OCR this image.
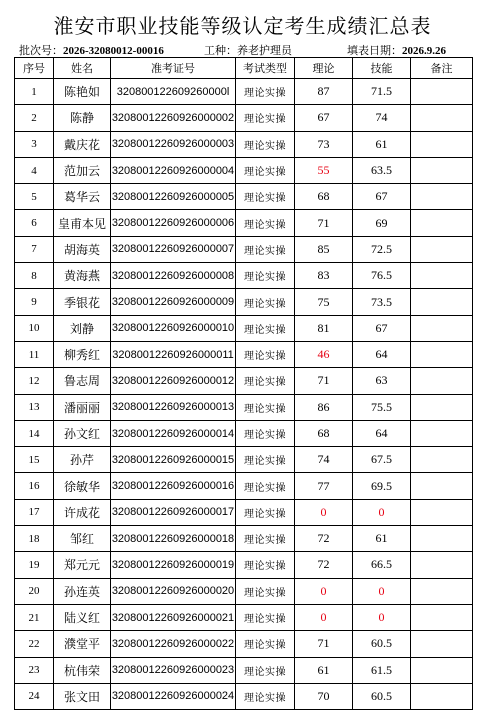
淮安市职业技能等级认定考生成绩汇总表
批次号：2026-32080012-00016	工种：养老护理员	填表日期：2026.9.26
序号	姓名	准考证号	考试类型	理论	技能	备注
1	陈艳如	320800122609260000l	理论实操	87	71.5	
2	陈静	32080012260926000002	理论实操	67	74	
3	戴庆花	32080012260926000003	理论实操	73	61	
4	范加云	32080012260926000004	理论实操	55	63.5	
5	葛华云	32080012260926000005	理论实操	68	67	
6	皇甫本见	32080012260926000006	理论实操	71	69	
7	胡海英	32080012260926000007	理论实操	85	72.5	
8	黄海燕	32080012260926000008	理论实操	83	76.5	
9	季银花	32080012260926000009	理论实操	75	73.5	
10	刘静	32080012260926000010	理论实操	81	67	
11	柳秀红	32080012260926000011	理论实操	46	64	
12	鲁志周	32080012260926000012	理论实操	71	63	
13	潘丽丽	32080012260926000013	理论实操	86	75.5	
14	孙文红	32080012260926000014	理论实操	68	64	
15	孙芹	32080012260926000015	理论实操	74	67.5	
16	徐敏华	32080012260926000016	理论实操	77	69.5	
17	许成花	32080012260926000017	理论实操	0	0	
18	邹红	32080012260926000018	理论实操	72	61	
19	郑元元	32080012260926000019	理论实操	72	66.5	
20	孙连英	32080012260926000020	理论实操	0	0	
21	陆义红	32080012260926000021	理论实操	0	0	
22	濮堂平	32080012260926000022	理论实操	71	60.5	
23	杭伟荣	32080012260926000023	理论实操	61	61.5	
24	张文田	32080012260926000024	理论实操	70	60.5	
